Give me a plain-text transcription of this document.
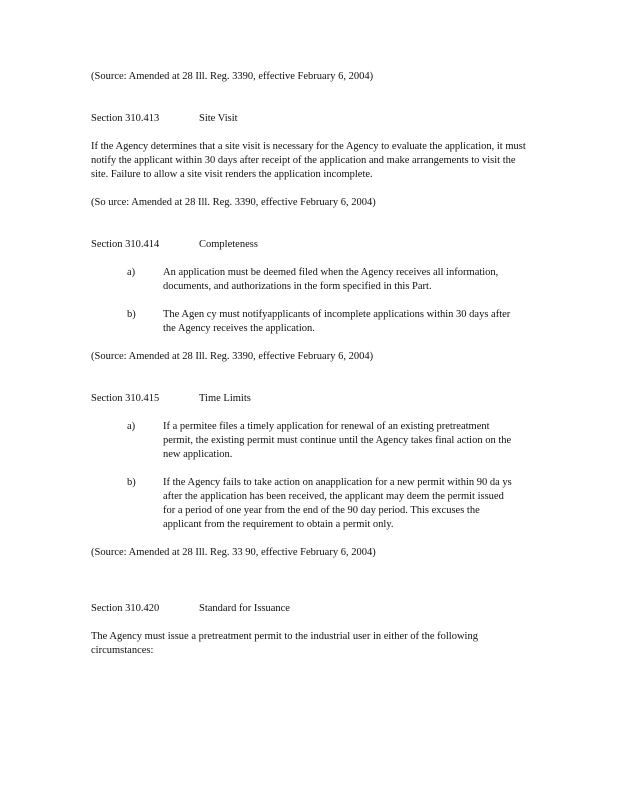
(Source: Amended at 28 Ill. Reg. 3390, effective February 6, 2004)

Section 310.413	Site Visit

If the Agency determines that a site visit is necessary for the Agency to evaluate the application, it must notify the applicant within 30 days after receipt of the application and make arrangements to visit the site. Failure to allow a site visit renders the application incomplete.

(So urce: Amended at 28 Ill. Reg. 3390, effective February 6, 2004)

Section 310.414	Completeness

a)	An application must be deemed filed when the Agency receives all information, documents, and authorizations in the form specified in this Part.
b)	The Agen cy must notifyapplicants of incomplete applications within 30 days after the Agency receives the application.

(Source: Amended at 28 Ill. Reg. 3390, effective February 6, 2004)

Section 310.415	Time Limits

a)	If a permitee files a timely application for renewal of an existing pretreatment permit, the existing permit must continue until the Agency takes final action on the new application.
b)	If the Agency fails to take action on anapplication for a new permit within 90 da ys after the application has been received, the applicant may deem the permit issued for a period of one year from the end of the 90 day period. This excuses the applicant from the requirement to obtain a permit only.

(Source: Amended at 28 Ill. Reg. 33 90, effective February 6, 2004)

Section 310.420	Standard for Issuance

The Agency must issue a pretreatment permit to the industrial user in either of the following circumstances:
